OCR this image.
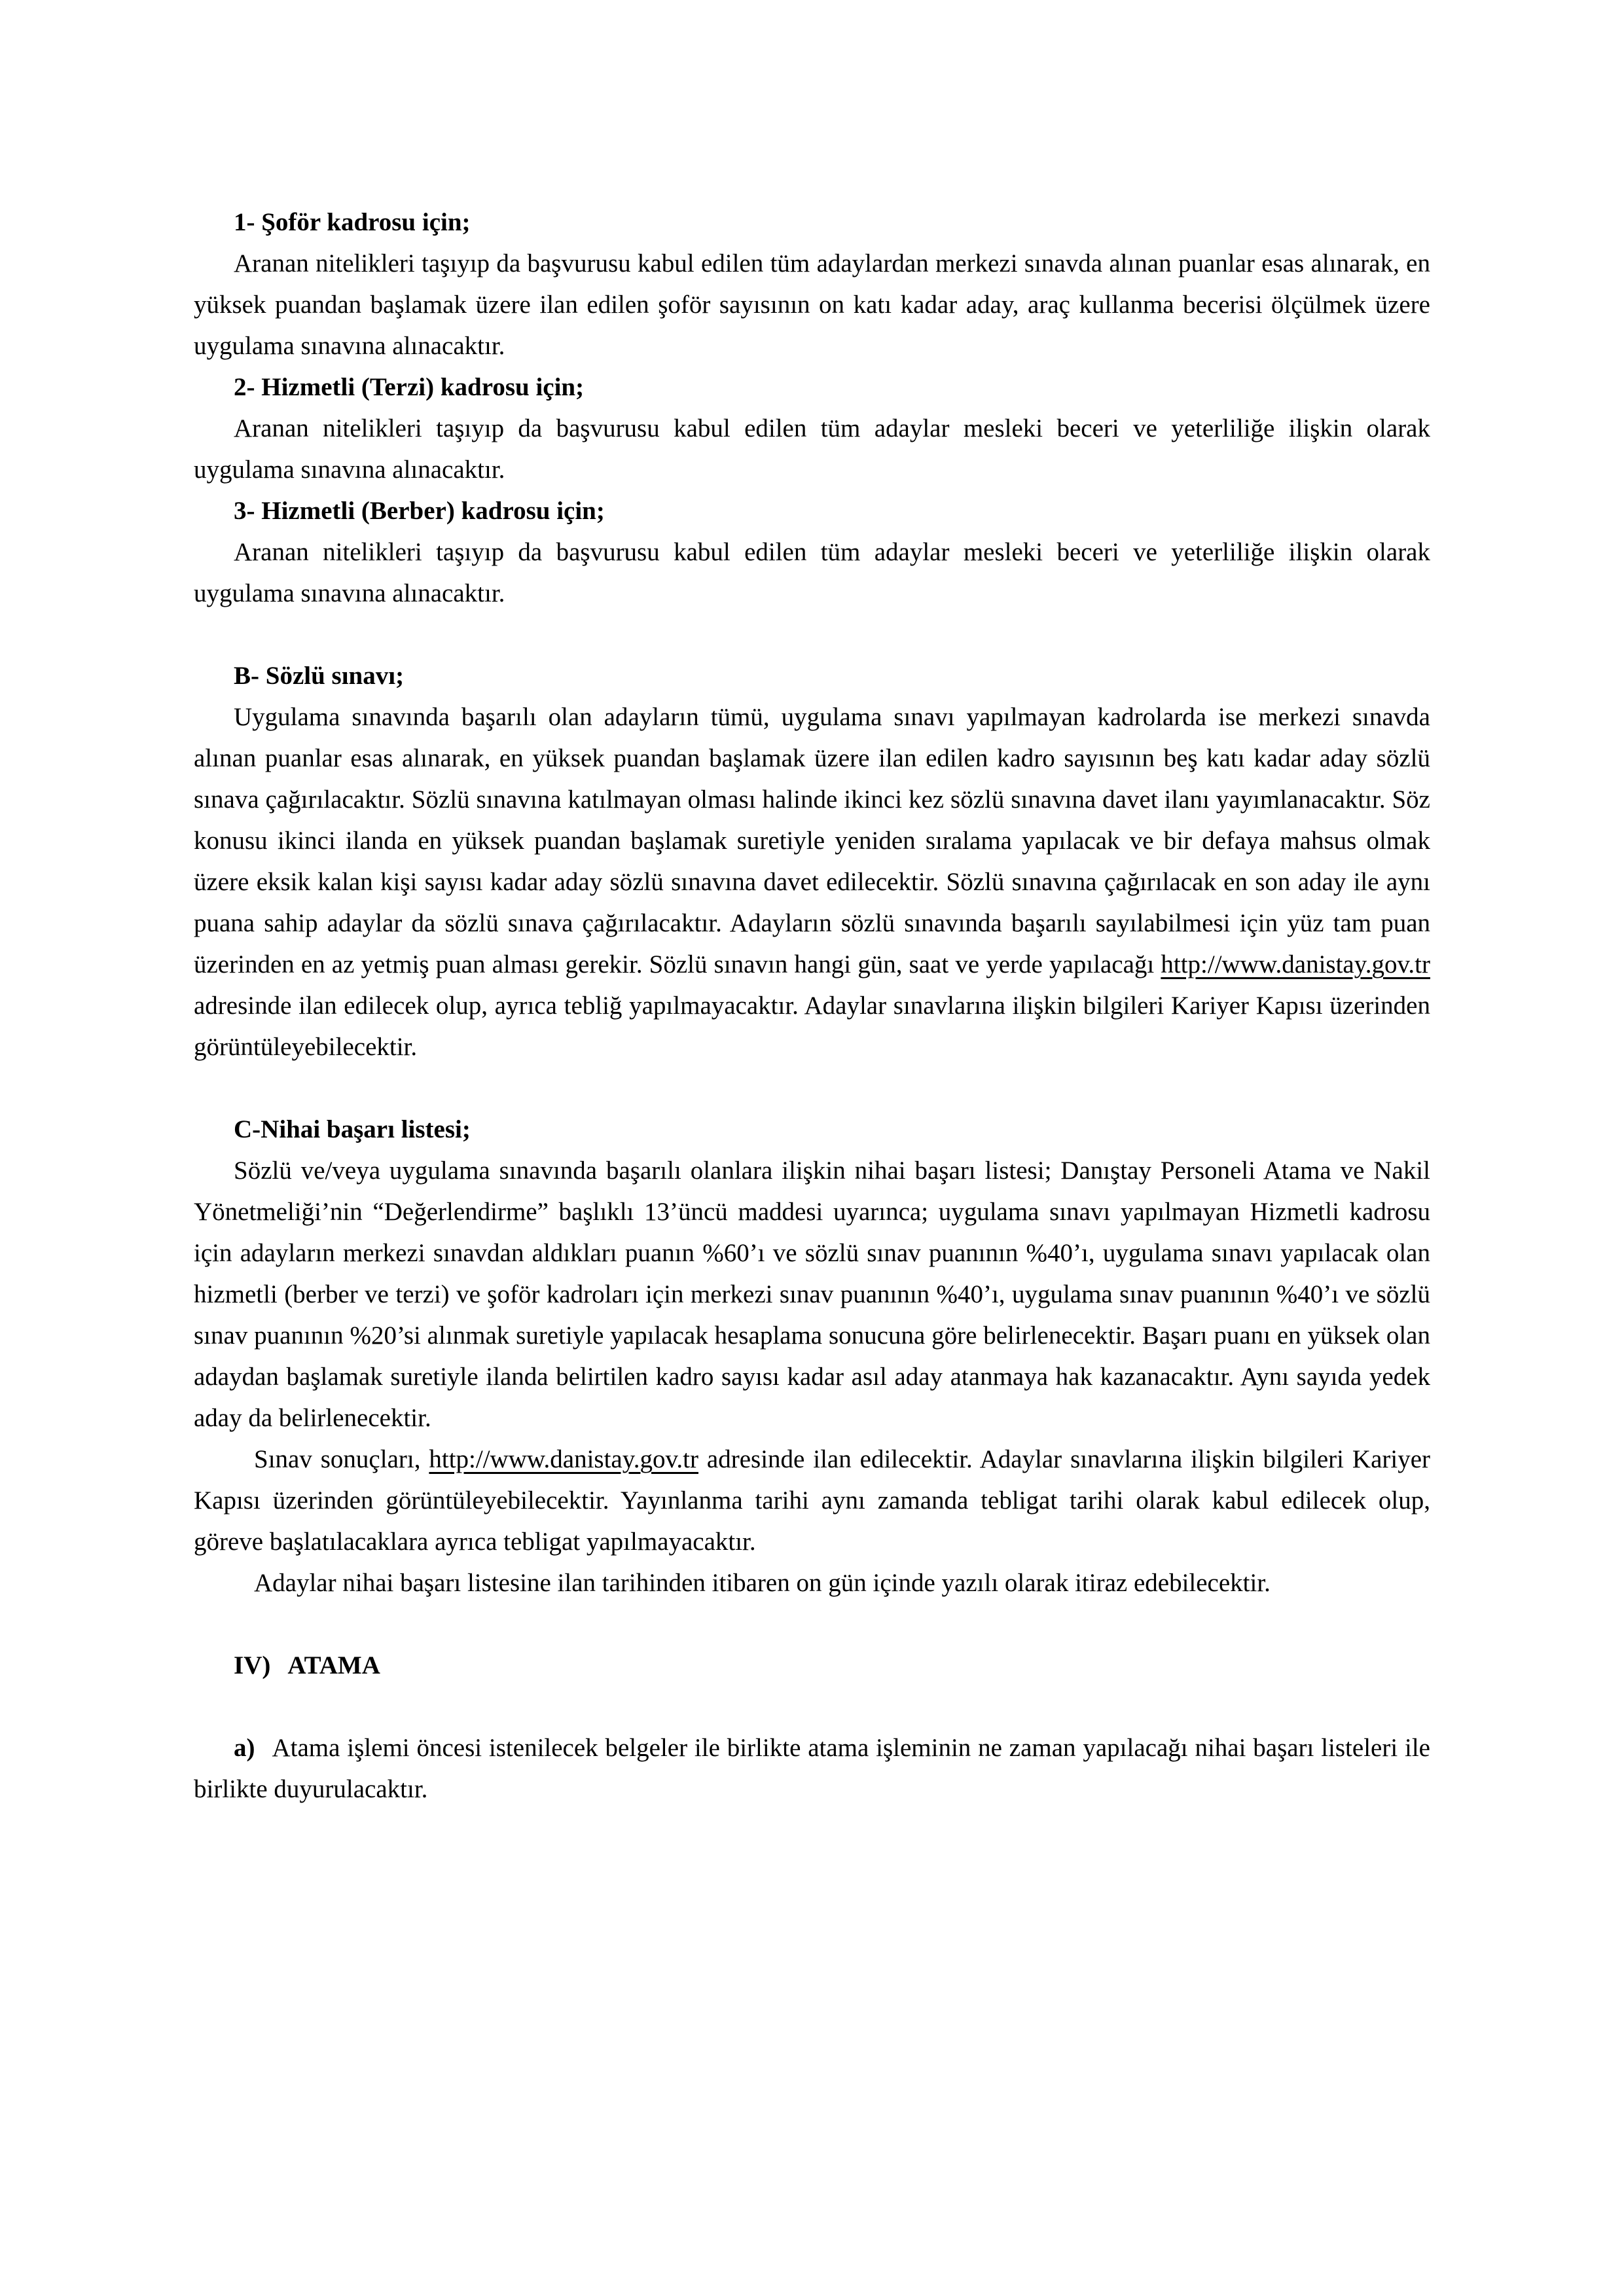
1- Şoför kadrosu için;

Aranan nitelikleri taşıyıp da başvurusu kabul edilen tüm adaylardan merkezi sınavda alınan puanlar esas alınarak, en yüksek puandan başlamak üzere ilan edilen şoför sayısının on katı kadar aday, araç kullanma becerisi ölçülmek üzere uygulama sınavına alınacaktır.

2- Hizmetli (Terzi) kadrosu için;

Aranan nitelikleri taşıyıp da başvurusu kabul edilen tüm adaylar mesleki beceri ve yeterliliğe ilişkin olarak uygulama sınavına alınacaktır.

3- Hizmetli (Berber) kadrosu için;

Aranan nitelikleri taşıyıp da başvurusu kabul edilen tüm adaylar mesleki beceri ve yeterliliğe ilişkin olarak uygulama sınavına alınacaktır.

B- Sözlü sınavı;

Uygulama sınavında başarılı olan adayların tümü, uygulama sınavı yapılmayan kadrolarda ise merkezi sınavda alınan puanlar esas alınarak, en yüksek puandan başlamak üzere ilan edilen kadro sayısının beş katı kadar aday sözlü sınava çağırılacaktır. Sözlü sınavına katılmayan olması halinde ikinci kez sözlü sınavına davet ilanı yayımlanacaktır. Söz konusu ikinci ilanda en yüksek puandan başlamak suretiyle yeniden sıralama yapılacak ve bir defaya mahsus olmak üzere eksik kalan kişi sayısı kadar aday sözlü sınavına davet edilecektir. Sözlü sınavına çağırılacak en son aday ile aynı puana sahip adaylar da sözlü sınava çağırılacaktır. Adayların sözlü sınavında başarılı sayılabilmesi için yüz tam puan üzerinden en az yetmiş puan alması gerekir. Sözlü sınavın hangi gün, saat ve yerde yapılacağı http://www.danistay.gov.tr adresinde ilan edilecek olup, ayrıca tebliğ yapılmayacaktır. Adaylar sınavlarına ilişkin bilgileri Kariyer Kapısı üzerinden görüntüleyebilecektir.

C-Nihai başarı listesi;

Sözlü ve/veya uygulama sınavında başarılı olanlara ilişkin nihai başarı listesi; Danıştay Personeli Atama ve Nakil Yönetmeliği’nin “Değerlendirme” başlıklı 13’üncü maddesi uyarınca; uygulama sınavı yapılmayan Hizmetli kadrosu için adayların merkezi sınavdan aldıkları puanın %60’ı ve sözlü sınav puanının %40’ı, uygulama sınavı yapılacak olan hizmetli (berber ve terzi) ve şoför kadroları için merkezi sınav puanının %40’ı, uygulama sınav puanının %40’ı ve sözlü sınav puanının %20’si alınmak suretiyle yapılacak hesaplama sonucuna göre belirlenecektir. Başarı puanı en yüksek olan adaydan başlamak suretiyle ilanda belirtilen kadro sayısı kadar asıl aday atanmaya hak kazanacaktır. Aynı sayıda yedek aday da belirlenecektir.

Sınav sonuçları, http://www.danistay.gov.tr adresinde ilan edilecektir. Adaylar sınavlarına ilişkin bilgileri Kariyer Kapısı üzerinden görüntüleyebilecektir. Yayınlanma tarihi aynı zamanda tebligat tarihi olarak kabul edilecek olup, göreve başlatılacaklara ayrıca tebligat yapılmayacaktır.

Adaylar nihai başarı listesine ilan tarihinden itibaren on gün içinde yazılı olarak itiraz edebilecektir.

IV) ATAMA

a) Atama işlemi öncesi istenilecek belgeler ile birlikte atama işleminin ne zaman yapılacağı nihai başarı listeleri ile birlikte duyurulacaktır.
